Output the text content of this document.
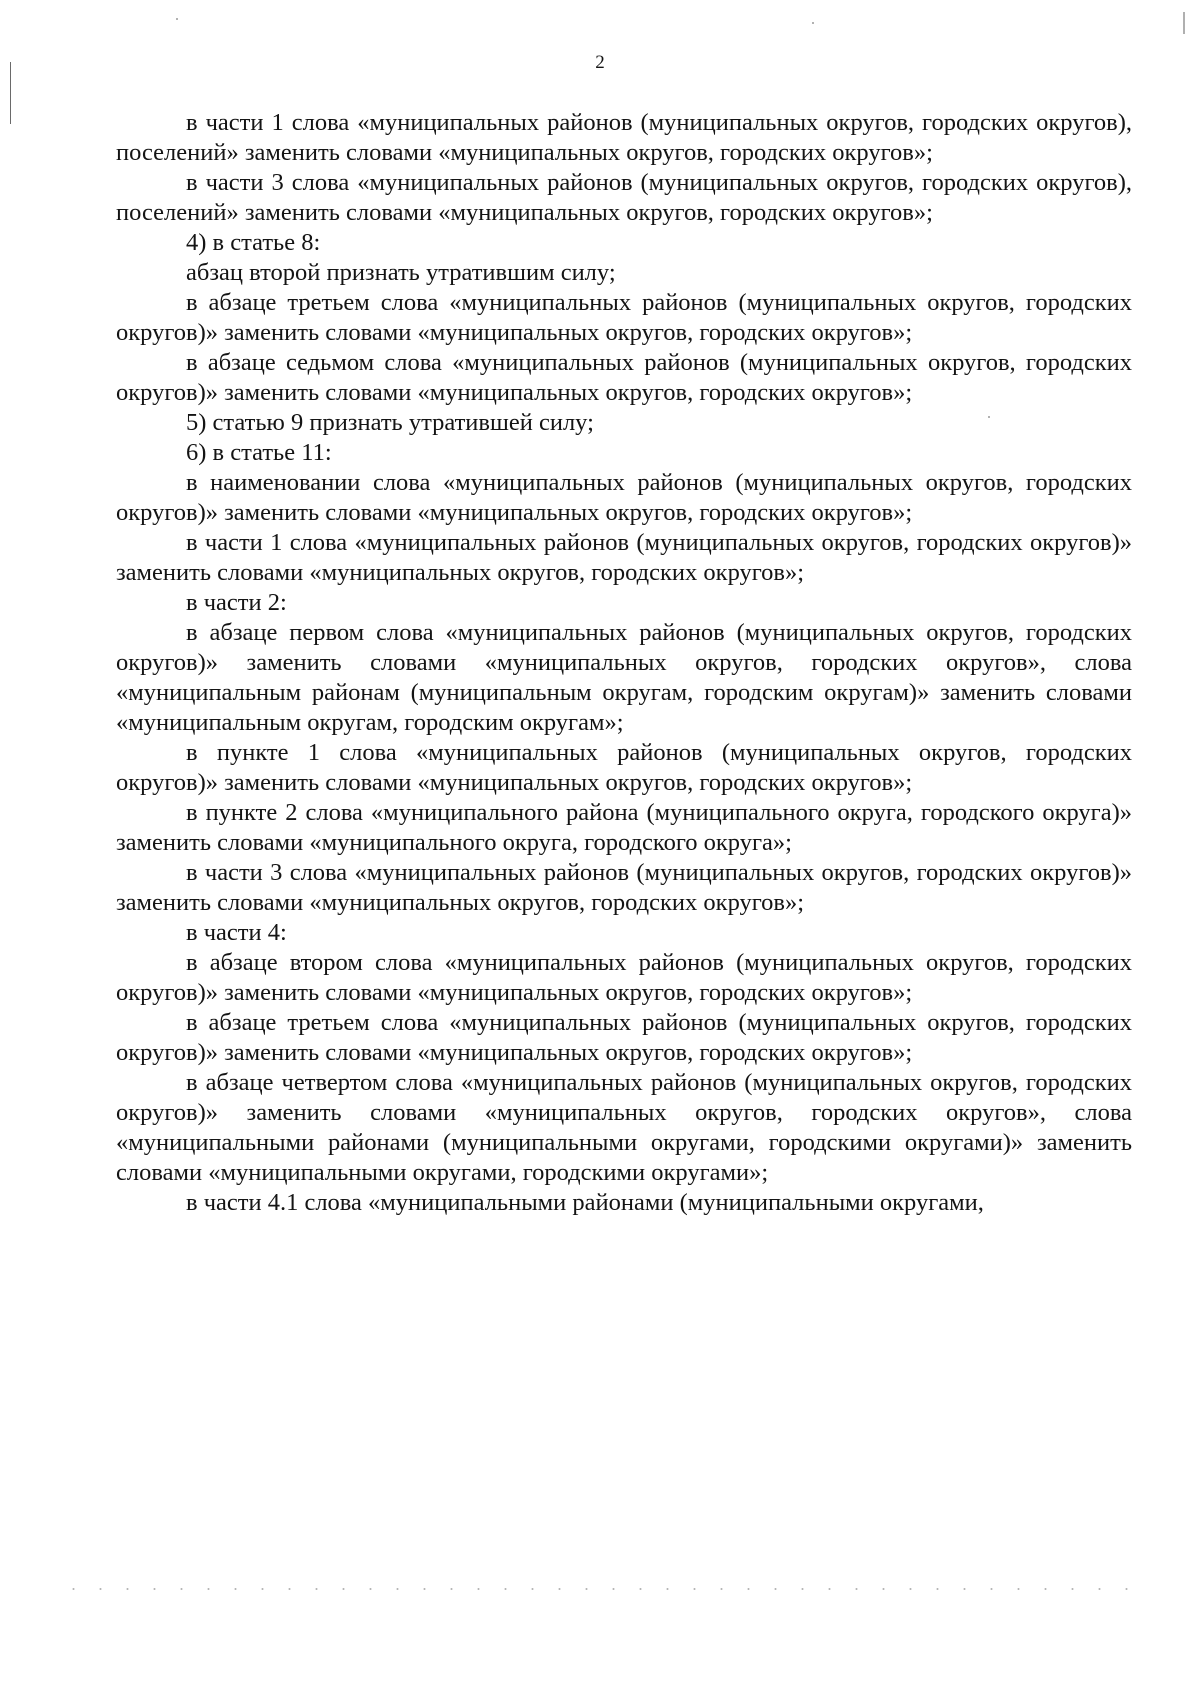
2

в части 1 слова «муниципальных районов (муниципальных округов, городских округов), поселений» заменить словами «муниципальных округов, городских округов»;

в части 3 слова «муниципальных районов (муниципальных округов, городских округов), поселений» заменить словами «муниципальных округов, городских округов»;

4) в статье 8:

абзац второй признать утратившим силу;

в абзаце третьем слова «муниципальных районов (муниципальных округов, городских округов)» заменить словами «муниципальных округов, городских округов»;

в абзаце седьмом слова «муниципальных районов (муниципальных округов, городских округов)» заменить словами «муниципальных округов, городских округов»;

5) статью 9 признать утратившей силу;

6) в статье 11:

в наименовании слова «муниципальных районов (муниципальных округов, городских округов)» заменить словами «муниципальных округов, городских округов»;

в части 1 слова «муниципальных районов (муниципальных округов, городских округов)» заменить словами «муниципальных округов, городских округов»;

в части 2:

в абзаце первом слова «муниципальных районов (муниципальных округов, городских округов)» заменить словами «муниципальных округов, городских округов», слова «муниципальным районам (муниципальным округам, городским округам)» заменить словами «муниципальным округам, городским округам»;

в пункте 1 слова «муниципальных районов (муниципальных округов, городских округов)» заменить словами «муниципальных округов, городских округов»;

в пункте 2 слова «муниципального района (муниципального округа, городского округа)» заменить словами «муниципального округа, городского округа»;

в части 3 слова «муниципальных районов (муниципальных округов, городских округов)» заменить словами «муниципальных округов, городских округов»;

в части 4:

в абзаце втором слова «муниципальных районов (муниципальных округов, городских округов)» заменить словами «муниципальных округов, городских округов»;

в абзаце третьем слова «муниципальных районов (муниципальных округов, городских округов)» заменить словами «муниципальных округов, городских округов»;

в абзаце четвертом слова «муниципальных районов (муниципальных округов, городских округов)» заменить словами «муниципальных округов, городских округов», слова «муниципальными районами (муниципальными округами, городскими округами)» заменить словами «муниципальными округами, городскими округами»;

в части 4.1 слова «муниципальными районами (муниципальными округами,
